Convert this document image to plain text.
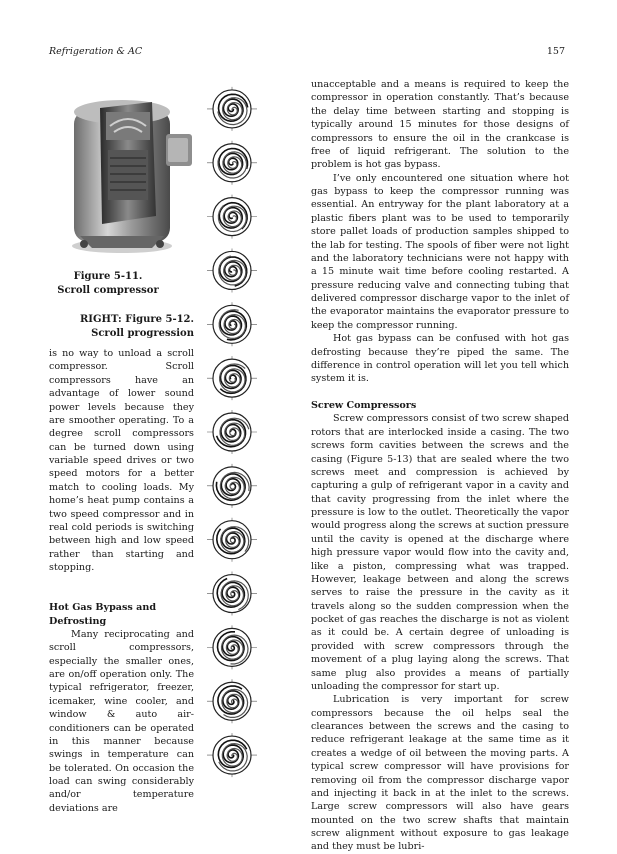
Refrigeration & AC	157
Figure 5-11.
Scroll compressor
RIGHT: Figure 5-12.
Scroll progression

is no way to unload a scroll compressor. Scroll compressors have an advantage of lower sound power levels because they are smoother operating. To a degree scroll compressors can be turned down using variable speed drives or two speed motors for a better match to cooling loads. My home’s heat pump contains a two speed compressor and in real cold periods is switching between high and low speed rather than starting and stopping.

Hot Gas Bypass and

Defrosting

Many reciprocating and scroll compressors, especially the smaller ones, are on/off operation only. The typical refrigerator, freezer, icemaker, wine cooler, and window & auto air-conditioners can be operated in this manner because swings in temperature can be tolerated. On occasion the load can swing considerably and/or temperature deviations are

unacceptable and a means is required to keep the compressor in operation constantly. That’s because the delay time between starting and stopping is typically around 15 minutes for those designs of compressors to ensure the oil in the crankcase is free of liquid refrigerant. The solution to the problem is hot gas bypass.

I’ve only encountered one situation where hot gas bypass to keep the compressor running was essential. An entryway for the plant laboratory at a plastic fibers plant was to be used to temporarily store pallet loads of production samples shipped to the lab for testing. The spools of fiber were not light and the laboratory technicians were not happy with a 15 minute wait time before cooling restarted. A pressure reducing valve and connecting tubing that delivered compressor discharge vapor to the inlet of the evaporator maintains the evaporator pressure to keep the compressor running.

Hot gas bypass can be confused with hot gas defrosting because they’re piped the same. The difference in control operation will let you tell which system it is.

Screw Compressors

Screw compressors consist of two screw shaped rotors that are interlocked inside a casing. The two screws form cavities between the screws and the casing (Figure 5-13) that are sealed where the two screws meet and compression is achieved by capturing a gulp of refrigerant vapor in a cavity and that cavity progressing from the inlet where the pressure is low to the outlet. Theoretically the vapor would progress along the screws at suction pressure until the cavity is opened at the discharge where high pressure vapor would flow into the cavity and, like a piston, compressing what was trapped. However, leakage between and along the screws serves to raise the pressure in the cavity as it travels along so the sudden compression when the pocket of gas reaches the discharge is not as violent as it could be. A certain degree of unloading is provided with screw compressors through the movement of a plug laying along the screws. That same plug also provides a means of partially unloading the compressor for start up.

Lubrication is very important for screw compressors because the oil helps seal the clearances between the screws and the casing to reduce refrigerant leakage at the same time as it creates a wedge of oil between the moving parts. A typical screw compressor will have provisions for removing oil from the compressor discharge vapor and injecting it back in at the inlet to the screws. Large screw compressors will also have gears mounted on the two screw shafts that maintain screw alignment without exposure to gas leakage and they must be lubri-
